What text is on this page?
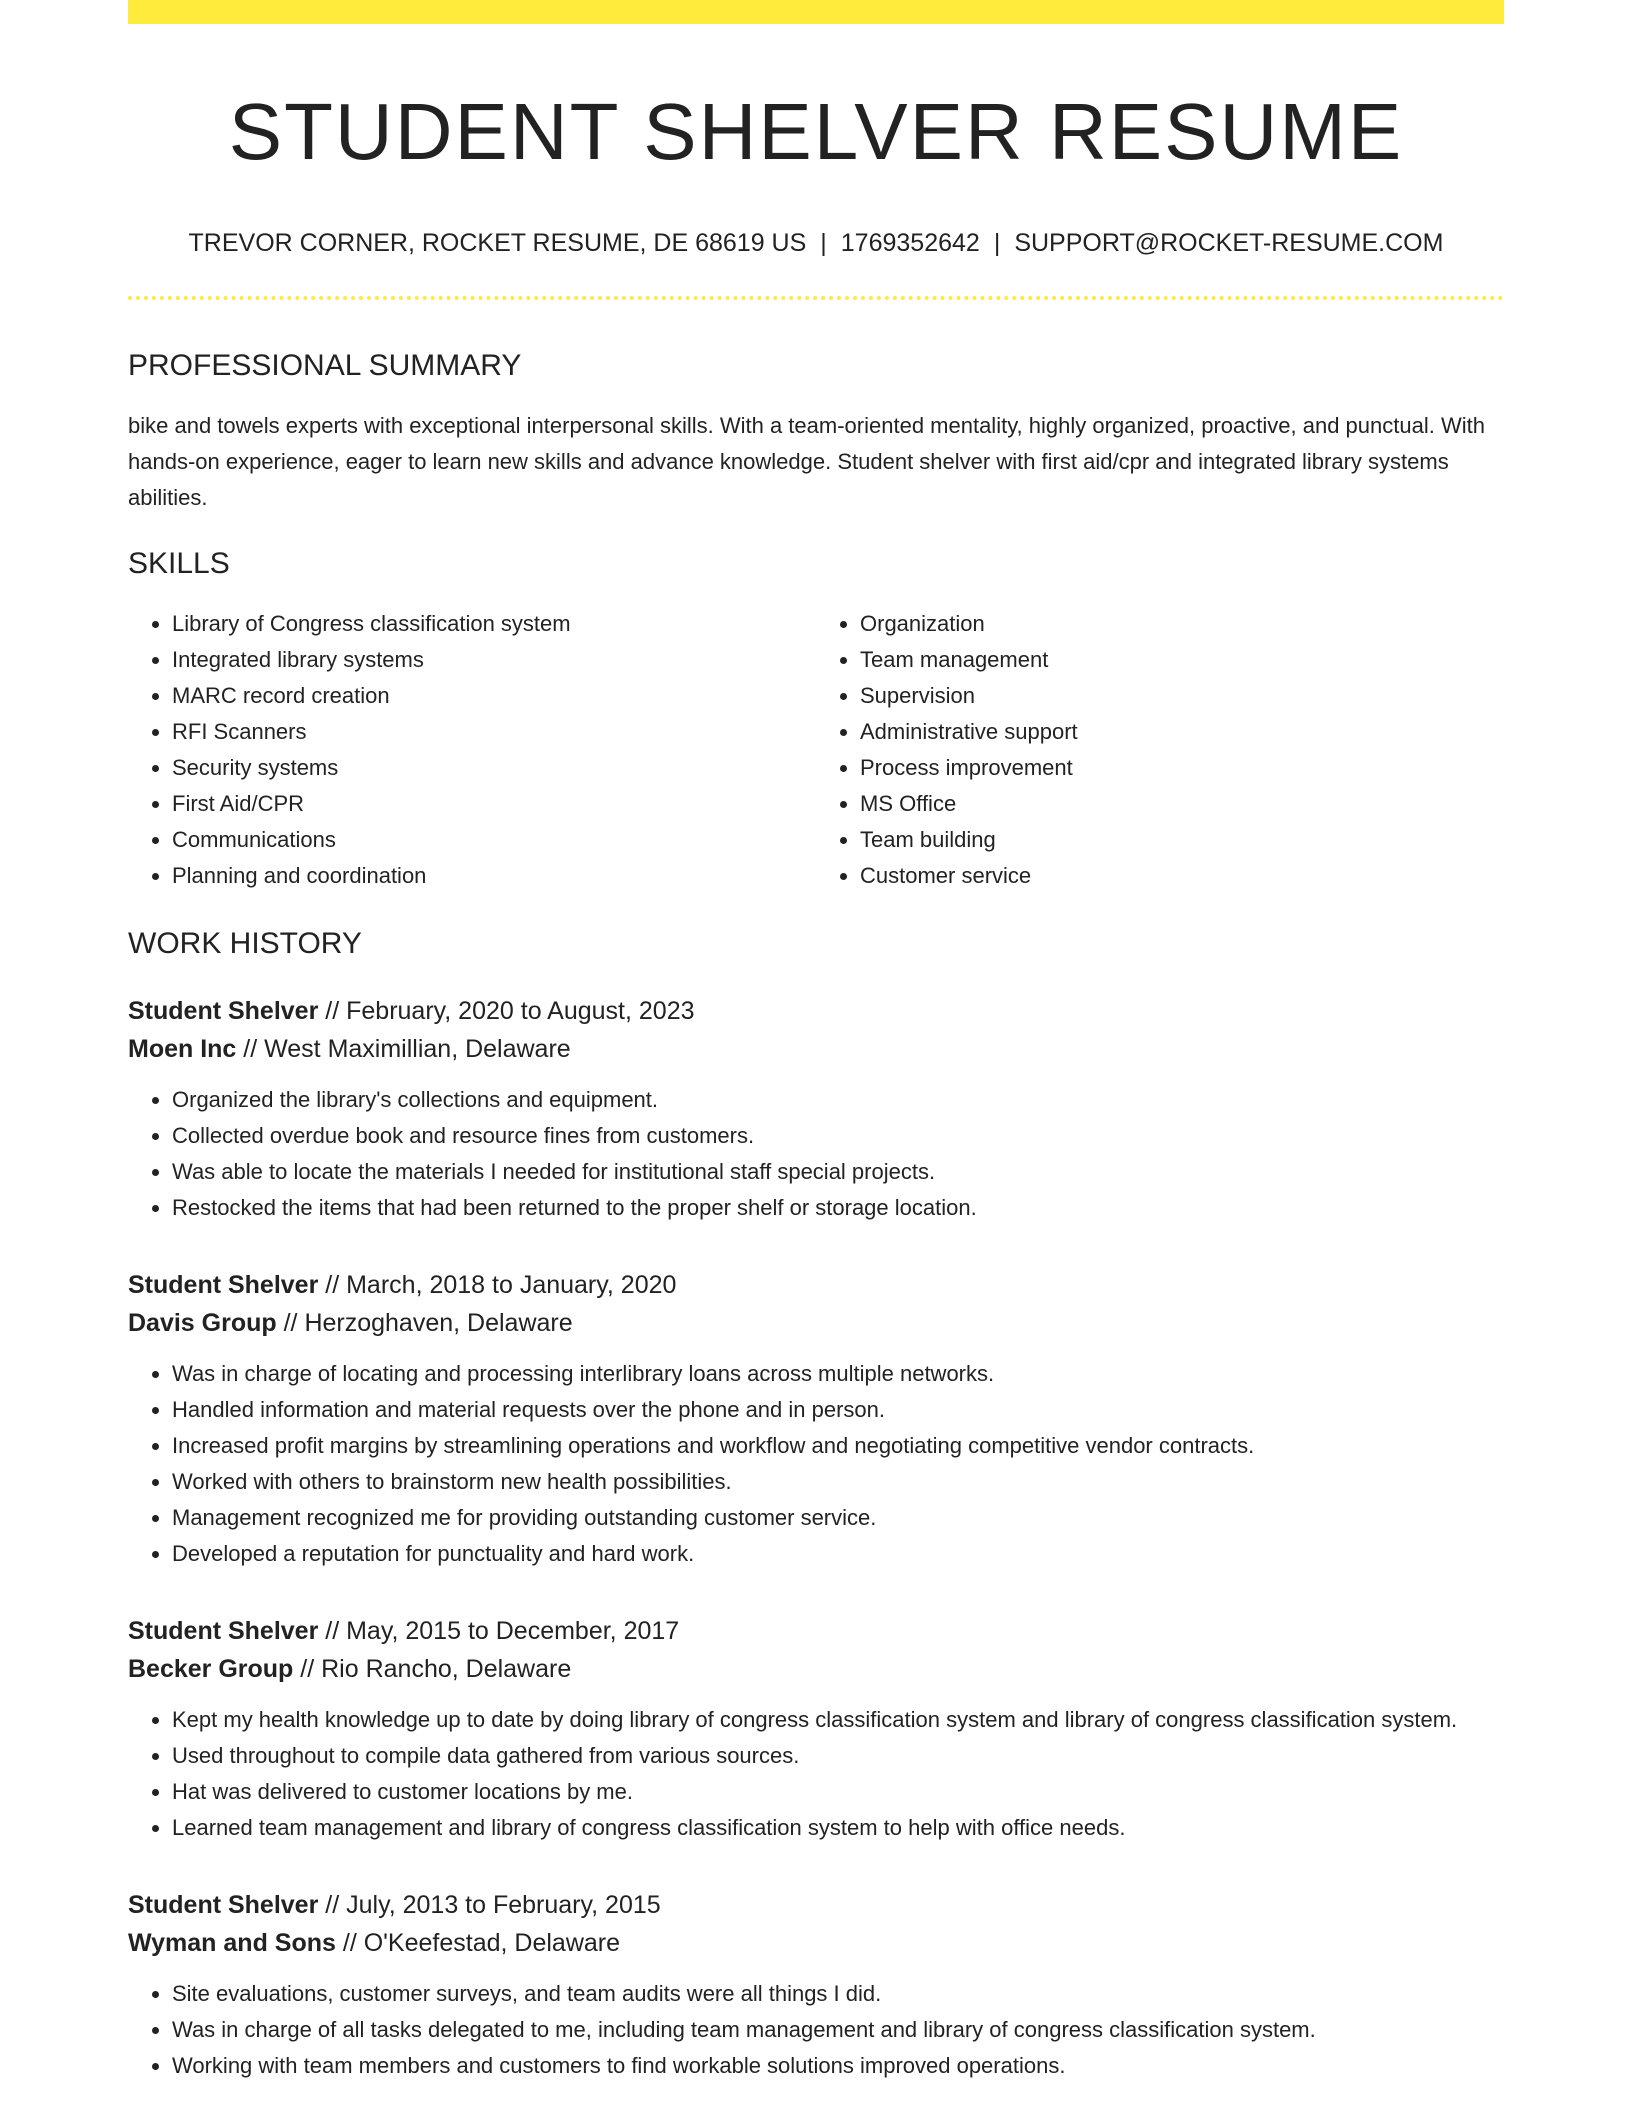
STUDENT SHELVER RESUME
TREVOR CORNER, ROCKET RESUME, DE 68619 US | 1769352642 | SUPPORT@ROCKET-RESUME.COM
PROFESSIONAL SUMMARY

bike and towels experts with exceptional interpersonal skills. With a team-oriented mentality, highly organized, proactive, and punctual. With hands-on experience, eager to learn new skills and advance knowledge. Student shelver with first aid/cpr and integrated library systems abilities.

SKILLS
• Library of Congress classification system
• Integrated library systems
• MARC record creation
• RFI Scanners
• Security systems
• First Aid/CPR
• Communications
• Planning and coordination
• Organization
• Team management
• Supervision
• Administrative support
• Process improvement
• MS Office
• Team building
• Customer service
WORK HISTORY
Student Shelver // February, 2020 to August, 2023
Moen Inc // West Maximillian, Delaware
• Organized the library's collections and equipment.
• Collected overdue book and resource fines from customers.
• Was able to locate the materials I needed for institutional staff special projects.
• Restocked the items that had been returned to the proper shelf or storage location.
Student Shelver // March, 2018 to January, 2020
Davis Group // Herzoghaven, Delaware
• Was in charge of locating and processing interlibrary loans across multiple networks.
• Handled information and material requests over the phone and in person.
• Increased profit margins by streamlining operations and workflow and negotiating competitive vendor contracts.
• Worked with others to brainstorm new health possibilities.
• Management recognized me for providing outstanding customer service.
• Developed a reputation for punctuality and hard work.
Student Shelver // May, 2015 to December, 2017
Becker Group // Rio Rancho, Delaware
• Kept my health knowledge up to date by doing library of congress classification system and library of congress classification system.
• Used throughout to compile data gathered from various sources.
• Hat was delivered to customer locations by me.
• Learned team management and library of congress classification system to help with office needs.
Student Shelver // July, 2013 to February, 2015
Wyman and Sons // O'Keefestad, Delaware
• Site evaluations, customer surveys, and team audits were all things I did.
• Was in charge of all tasks delegated to me, including team management and library of congress classification system.
• Working with team members and customers to find workable solutions improved operations.
